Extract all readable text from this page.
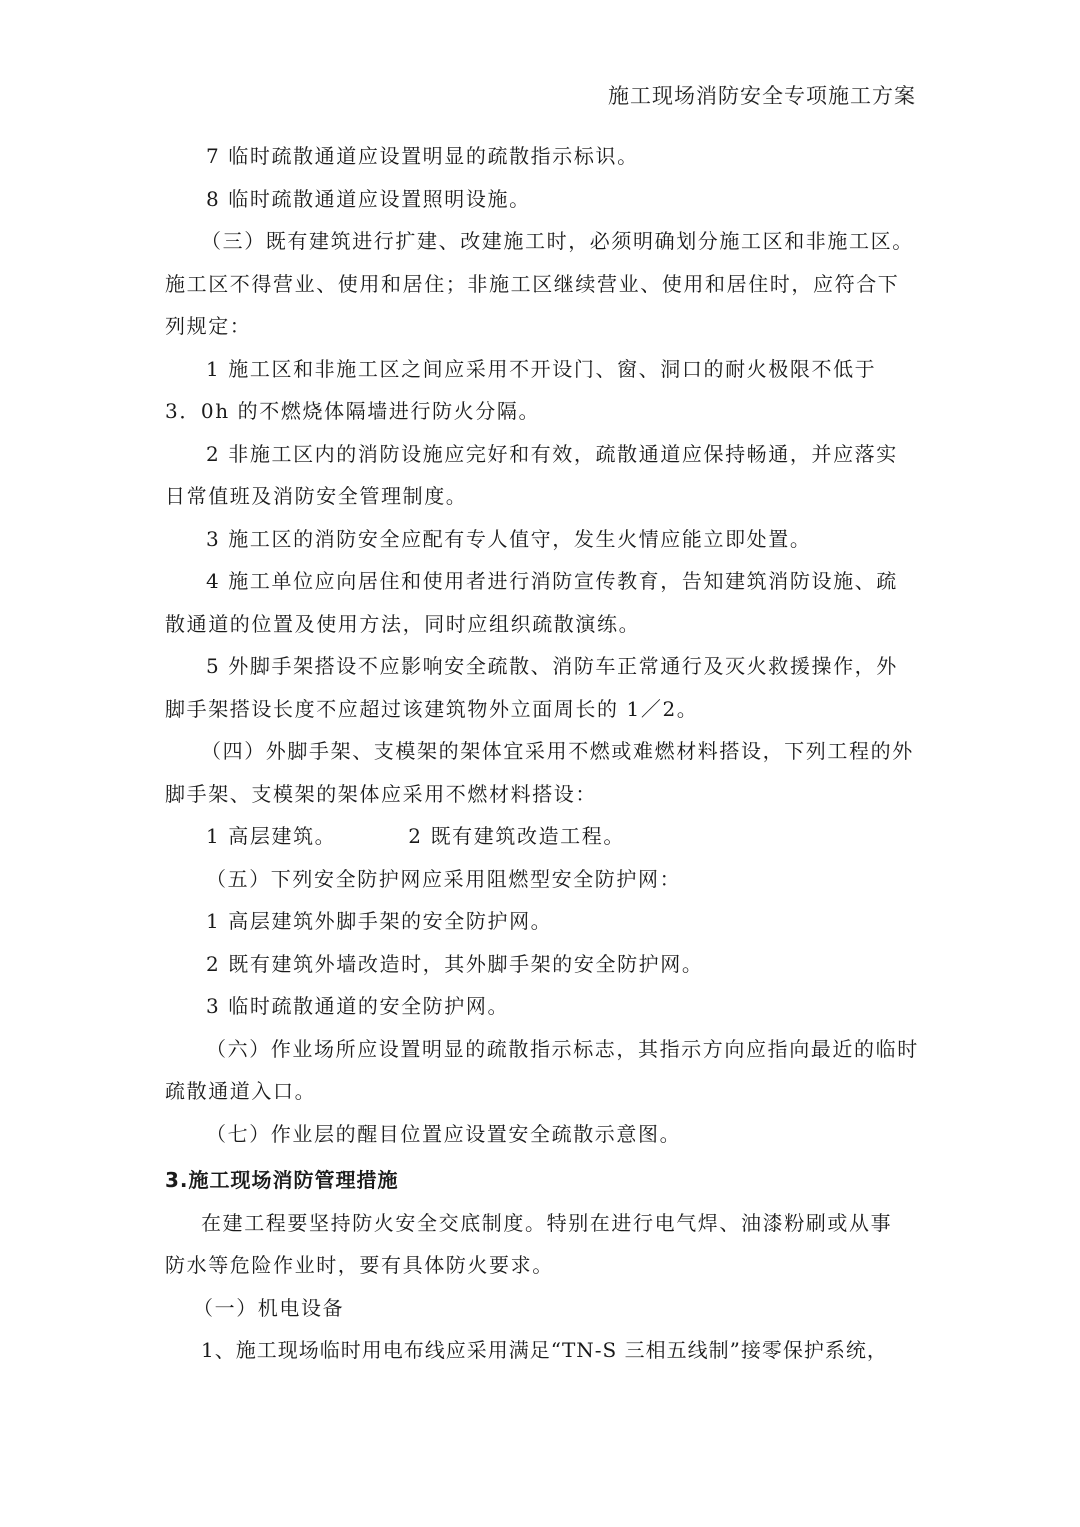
施工现场消防安全专项施工方案
7 临时疏散通道应设置明显的疏散指示标识。
8 临时疏散通道应设置照明设施。
（三）既有建筑进行扩建、改建施工时，必须明确划分施工区和非施工区。
施工区不得营业、使用和居住；非施工区继续营业、使用和居住时，应符合下
列规定：
1 施工区和非施工区之间应采用不开设门、窗、洞口的耐火极限不低于
3．0h 的不燃烧体隔墙进行防火分隔。
2 非施工区内的消防设施应完好和有效，疏散通道应保持畅通，并应落实
日常值班及消防安全管理制度。
3 施工区的消防安全应配有专人值守，发生火情应能立即处置。
4 施工单位应向居住和使用者进行消防宣传教育，告知建筑消防设施、疏
散通道的位置及使用方法，同时应组织疏散演练。
5 外脚手架搭设不应影响安全疏散、消防车正常通行及灭火救援操作，外
脚手架搭设长度不应超过该建筑物外立面周长的 1／2。
（四）外脚手架、支模架的架体宜采用不燃或难燃材料搭设，下列工程的外
脚手架、支模架的架体应采用不燃材料搭设：
1 高层建筑。	2 既有建筑改造工程。
（五）下列安全防护网应采用阻燃型安全防护网：
1 高层建筑外脚手架的安全防护网。
2 既有建筑外墙改造时，其外脚手架的安全防护网。
3 临时疏散通道的安全防护网。
（六）作业场所应设置明显的疏散指示标志，其指示方向应指向最近的临时
疏散通道入口。
（七）作业层的醒目位置应设置安全疏散示意图。
3.施工现场消防管理措施
在建工程要坚持防火安全交底制度。特别在进行电气焊、油漆粉刷或从事
防水等危险作业时，要有具体防火要求。
（一）机电设备
1、施工现场临时用电布线应采用满足“TN-S 三相五线制”接零保护系统，
